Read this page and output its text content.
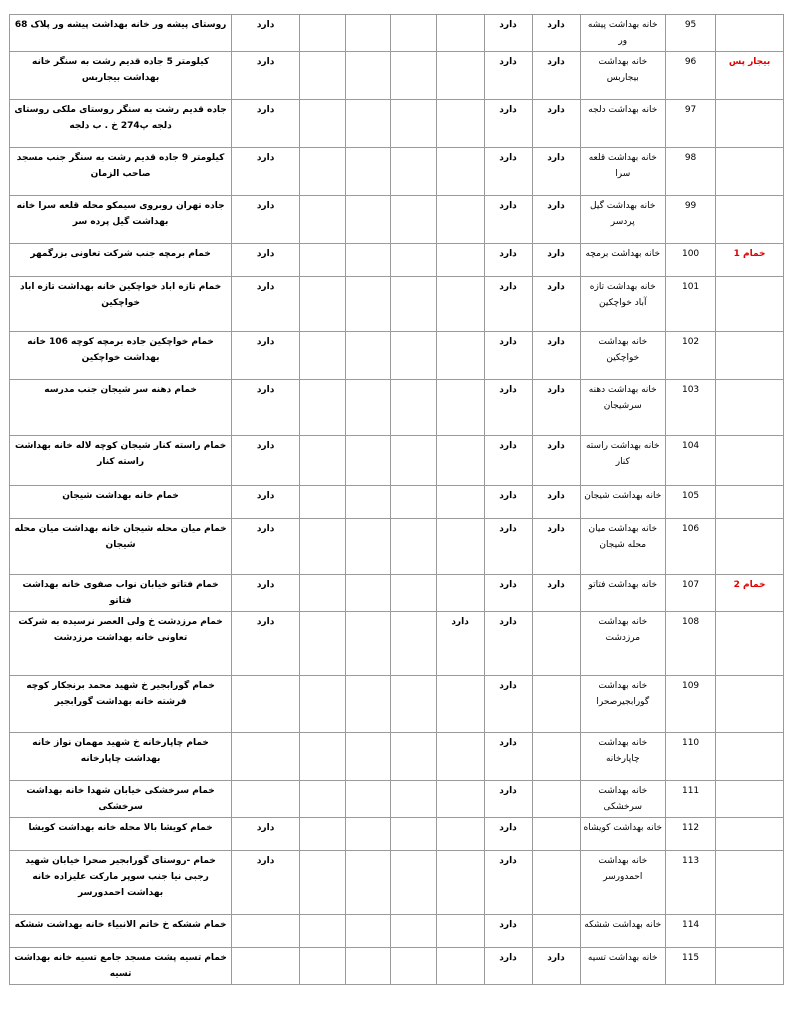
روستای پیشه ور خانه بهداشت پیشه ور پلاک 68	دارد					دارد	دارد	خانه بهداشت پیشه ور	95	
کیلومتر 5 جاده قدیم رشت به سنگر خانه بهداشت بیجاربس	دارد					دارد	دارد	خانه بهداشت بیجاربس	96	بیجار پس
جاده قدیم رشت به سنگر روستای ملکی روستای دلجه پ274 خ . ب دلجه	دارد					دارد	دارد	خانه بهداشت دلجه	97	
کیلومتر 9 جاده قدیم رشت به سنگر جنب مسجد صاحب الزمان	دارد					دارد	دارد	خانه بهداشت قلعه سرا	98	
جاده تهران روبروی سیمکو محله قلعه سرا خانه بهداشت گیل پرده سر	دارد					دارد	دارد	خانه بهداشت گیل پردسر	99	
خمام برمچه جنب شرکت تعاونی بزرگمهر	دارد					دارد	دارد	خانه بهداشت برمچه	100	خمام 1
خمام تازه اباد خواچکین خانه بهداشت تازه اباد خواچکین	دارد					دارد	دارد	خانه بهداشت تازه آباد خواچکین	101	
خمام خواچکین جاده برمچه کوچه 106 خانه بهداشت خواچکین	دارد					دارد	دارد	خانه بهداشت خواچکین	102	
خمام دهنه سر شیجان جنب مدرسه	دارد					دارد	دارد	خانه بهداشت دهنه سرشیجان	103	
خمام راسته کنار شیجان کوچه لاله خانه بهداشت راسته کنار	دارد					دارد	دارد	خانه بهداشت راسته کنار	104	
خمام خانه بهداشت شیجان	دارد					دارد	دارد	خانه بهداشت شیجان	105	
خمام میان محله شیجان خانه بهداشت میان محله شیجان	دارد					دارد	دارد	خانه بهداشت میان محله شیجان	106	
خمام فتاتو خیابان نواب صفوی خانه بهداشت فتاتو	دارد					دارد	دارد	خانه بهداشت فتاتو	107	خمام 2
خمام مرزدشت خ ولی العصر نرسیده به شرکت تعاونی خانه بهداشت مرزدشت	دارد				دارد	دارد		خانه بهداشت مرزدشت	108	
خمام گورابجیر خ شهید محمد برنجکار کوچه فرشته خانه بهداشت گورابجیر						دارد		خانه بهداشت گورابجیرصحرا	109	
خمام چاپارخانه خ شهید مهمان نواز خانه بهداشت چاپارخانه						دارد		خانه بهداشت چاپارخانه	110	
خمام سرخشکی خیابان شهدا خانه بهداشت سرخشکی						دارد		خانه بهداشت سرخشکی	111	
خمام کویشا بالا محله خانه بهداشت کویشا	دارد					دارد		خانه بهداشت کویشاه	112	
خمام -روستای گورابجیر صحرا خیابان شهید رجبی نیا جنب سوپر مارکت علیزاده خانه بهداشت احمدورسر	دارد					دارد		خانه بهداشت احمدورسر	113	
خمام ششکه خ خاتم الانبیاء خانه بهداشت ششکه						دارد		خانه بهداشت ششکه	114	
خمام تسیه پشت مسجد جامع تسیه خانه بهداشت تسیه						دارد	دارد	خانه بهداشت تسیه	115	
